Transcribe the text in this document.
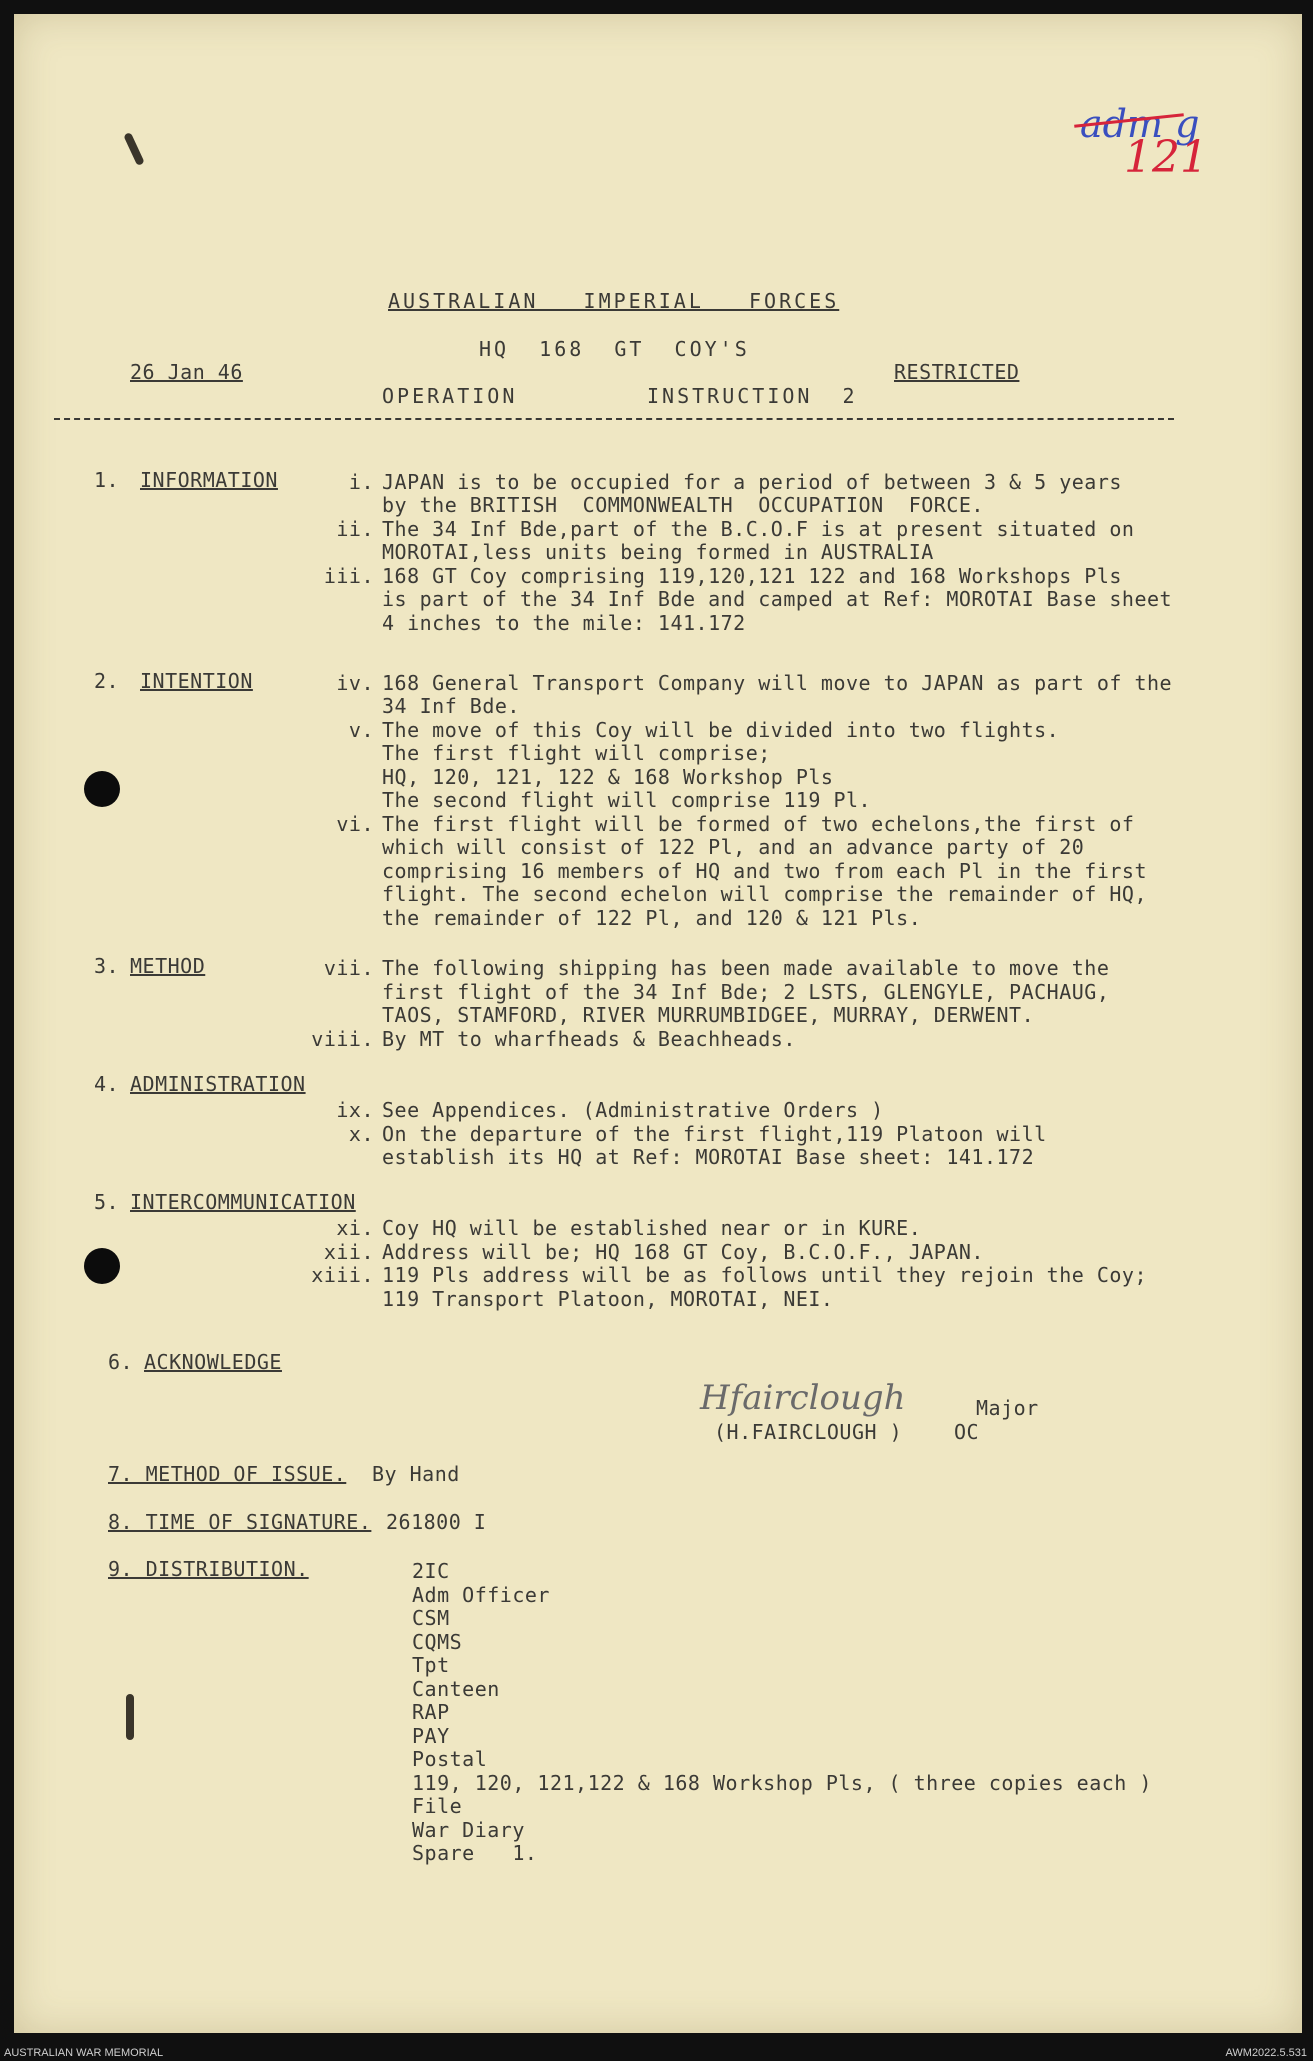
adm g
121
AUSTRALIAN   IMPERIAL   FORCES
HQ  168  GT  COY'S
26 Jan 46	RESTRICTED
OPERATION	INSTRUCTION  2
1. INFORMATION	i. JAPAN is to be occupied for a period of between 3 & 5 years
by the BRITISH  COMMONWEALTH  OCCUPATION  FORCE.
ii. The 34 Inf Bde,part of the B.C.O.F is at present situated on
MOROTAI,less units being formed in AUSTRALIA
iii. 168 GT Coy comprising 119,120,121 122 and 168 Workshops Pls
is part of the 34 Inf Bde and camped at Ref: MOROTAI Base sheet
4 inches to the mile: 141.172
2. INTENTION	iv. 168 General Transport Company will move to JAPAN as part of the
34 Inf Bde.
v. The move of this Coy will be divided into two flights.
The first flight will comprise;
HQ, 120, 121, 122 & 168 Workshop Pls
The second flight will comprise 119 Pl.
vi. The first flight will be formed of two echelons,the first of
which will consist of 122 Pl, and an advance party of 20
comprising 16 members of HQ and two from each Pl in the first
flight. The second echelon will comprise the remainder of HQ,
the remainder of 122 Pl, and 120 & 121 Pls.
3. METHOD	vii. The following shipping has been made available to move the
first flight of the 34 Inf Bde; 2 LSTS, GLENGYLE, PACHAUG,
TAOS, STAMFORD, RIVER MURRUMBIDGEE, MURRAY, DERWENT.
viii. By MT to wharfheads & Beachheads.
4. ADMINISTRATION
ix. See Appendices. (Administrative Orders )
x. On the departure of the first flight,119 Platoon will
establish its HQ at Ref: MOROTAI Base sheet: 141.172
5. INTERCOMMUNICATION
xi. Coy HQ will be established near or in KURE.
xii. Address will be; HQ 168 GT Coy, B.C.O.F., JAPAN.
xiii. 119 Pls address will be as follows until they rejoin the Coy;
119 Transport Platoon, MOROTAI, NEI.
6. ACKNOWLEDGE
Hfairclough	Major
(H.FAIRCLOUGH )	OC
7. METHOD OF ISSUE. By Hand
8. TIME OF SIGNATURE. 261800 I
9. DISTRIBUTION.	2IC
Adm Officer
CSM
CQMS
Tpt
Canteen
RAP
PAY
Postal
119, 120, 121,122 & 168 Workshop Pls, ( three copies each )
File
War Diary
Spare   1.
AUSTRALIAN WAR MEMORIAL	AWM2022.5.531
